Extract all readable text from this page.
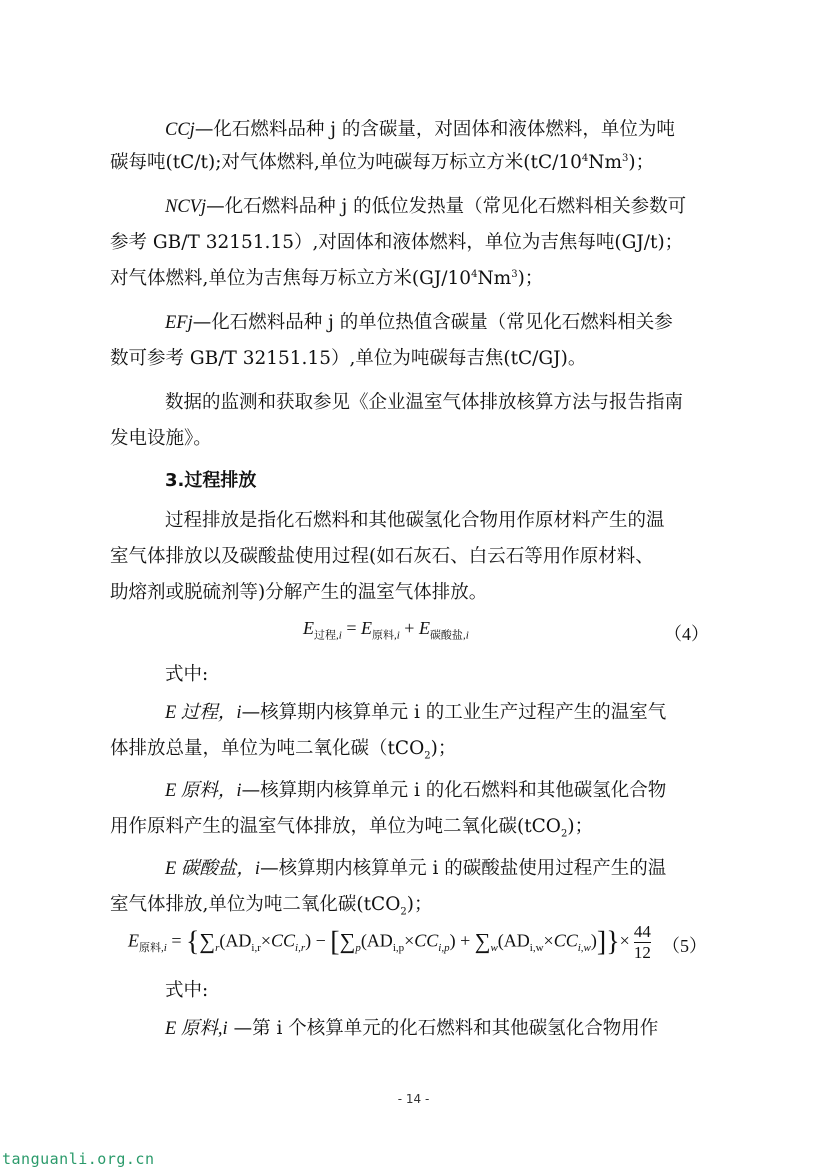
CCj—化石燃料品种 j 的含碳量，对固体和液体燃料，单位为吨

碳每吨(tC/t);对气体燃料,单位为吨碳每万标立方米$(tC/10^4Nm^3)$；

NCVj—化石燃料品种 j 的低位发热量（常见化石燃料相关参数可

参考 GB/T 32151.15）,对固体和液体燃料，单位为吉焦每吨(GJ/t)；

对气体燃料,单位为吉焦每万标立方米$(GJ/10^4Nm^3)$；

EFj—化石燃料品种 j 的单位热值含碳量（常见化石燃料相关参

数可参考 GB/T 32151.15）,单位为吨碳每吉焦(tC/GJ)。

数据的监测和获取参见《企业温室气体排放核算方法与报告指南

发电设施》。

3.过程排放

过程排放是指化石燃料和其他碳氢化合物用作原材料产生的温

室气体排放以及碳酸盐使用过程(如石灰石、白云石等用作原材料、

助熔剂或脱硫剂等)分解产生的温室气体排放。

$E_{过程,i} = E_{原料,i} + E_{碳酸盐,i}$	（4）

式中:

E 过程，i—核算期内核算单元 i 的工业生产过程产生的温室气

体排放总量，单位为吨二氧化碳（tCO$_2$)；

E 原料，i—核算期内核算单元 i 的化石燃料和其他碳氢化合物

用作原料产生的温室气体排放，单位为吨二氧化碳(tCO$_2$)；

E 碳酸盐，i—核算期内核算单元 i 的碳酸盐使用过程产生的温

室气体排放,单位为吨二氧化碳(tCO$_2$)；

$E_{原料,i} = \{\sum_r(AD_{i,r}\times CC_{i,r}) - [\sum_p(AD_{i,p}\times CC_{i,p}) + \sum_w(AD_{i,w}\times CC_{i,w})]\}\times \frac{44}{12} (5)$

式中:

E 原料,i —第 i 个核算单元的化石燃料和其他碳氢化合物用作

- 14 -
tanguanli.org.cn
